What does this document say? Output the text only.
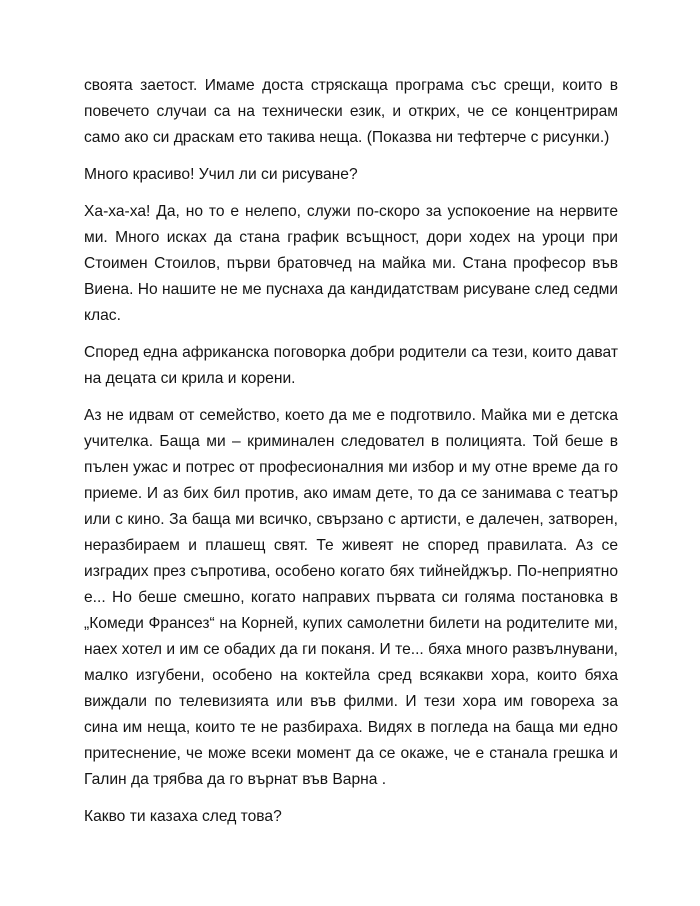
своята заетост. Имаме доста стряскаща програма със срещи, които в повечето случаи са на технически език, и открих, че се концентрирам само ако си драскам ето такива неща. (Показва ни тефтерче с рисунки.)

Много красиво! Учил ли си рисуване?

Ха-ха-ха! Да, но то е нелепо, служи по-скоро за успокоение на нервите ми. Много исках да стана график всъщност, дори ходех на уроци при Стоимен Стоилов, първи братовчед на майка ми. Стана професор във Виена. Но нашите не ме пуснаха да кандидатствам рисуване след седми клас.

Според една африканска поговорка добри родители са тези, които дават на децата си крила и корени.

Аз не идвам от семейство, което да ме е подготвило. Майка ми е детска учителка. Баща ми – криминален следовател в полицията. Той беше в пълен ужас и потрес от професионалния ми избор и му отне време да го приеме. И аз бих бил против, ако имам дете, то да се занимава с театър или с кино. За баща ми всичко, свързано с артисти, е далечен, затворен, неразбираем и плашещ свят. Те живеят не според правилата. Аз се изградих през съпротива, особено когато бях тийнейджър. По-неприятно е... Но беше смешно, когато направих първата си голяма постановка в „Комеди Франсез“ на Корней, купих самолетни билети на родителите ми, наех хотел и им се обадих да ги поканя. И те... бяха много развълнувани, малко изгубени, особено на коктейла сред всякакви хора, които бяха виждали по телевизията или във филми. И тези хора им говореха за сина им неща, които те не разбираха. Видях в погледа на баща ми едно притеснение, че може всеки момент да се окаже, че е станала грешка и Галин да трябва да го върнат във Варна .

Какво ти казаха след това?
